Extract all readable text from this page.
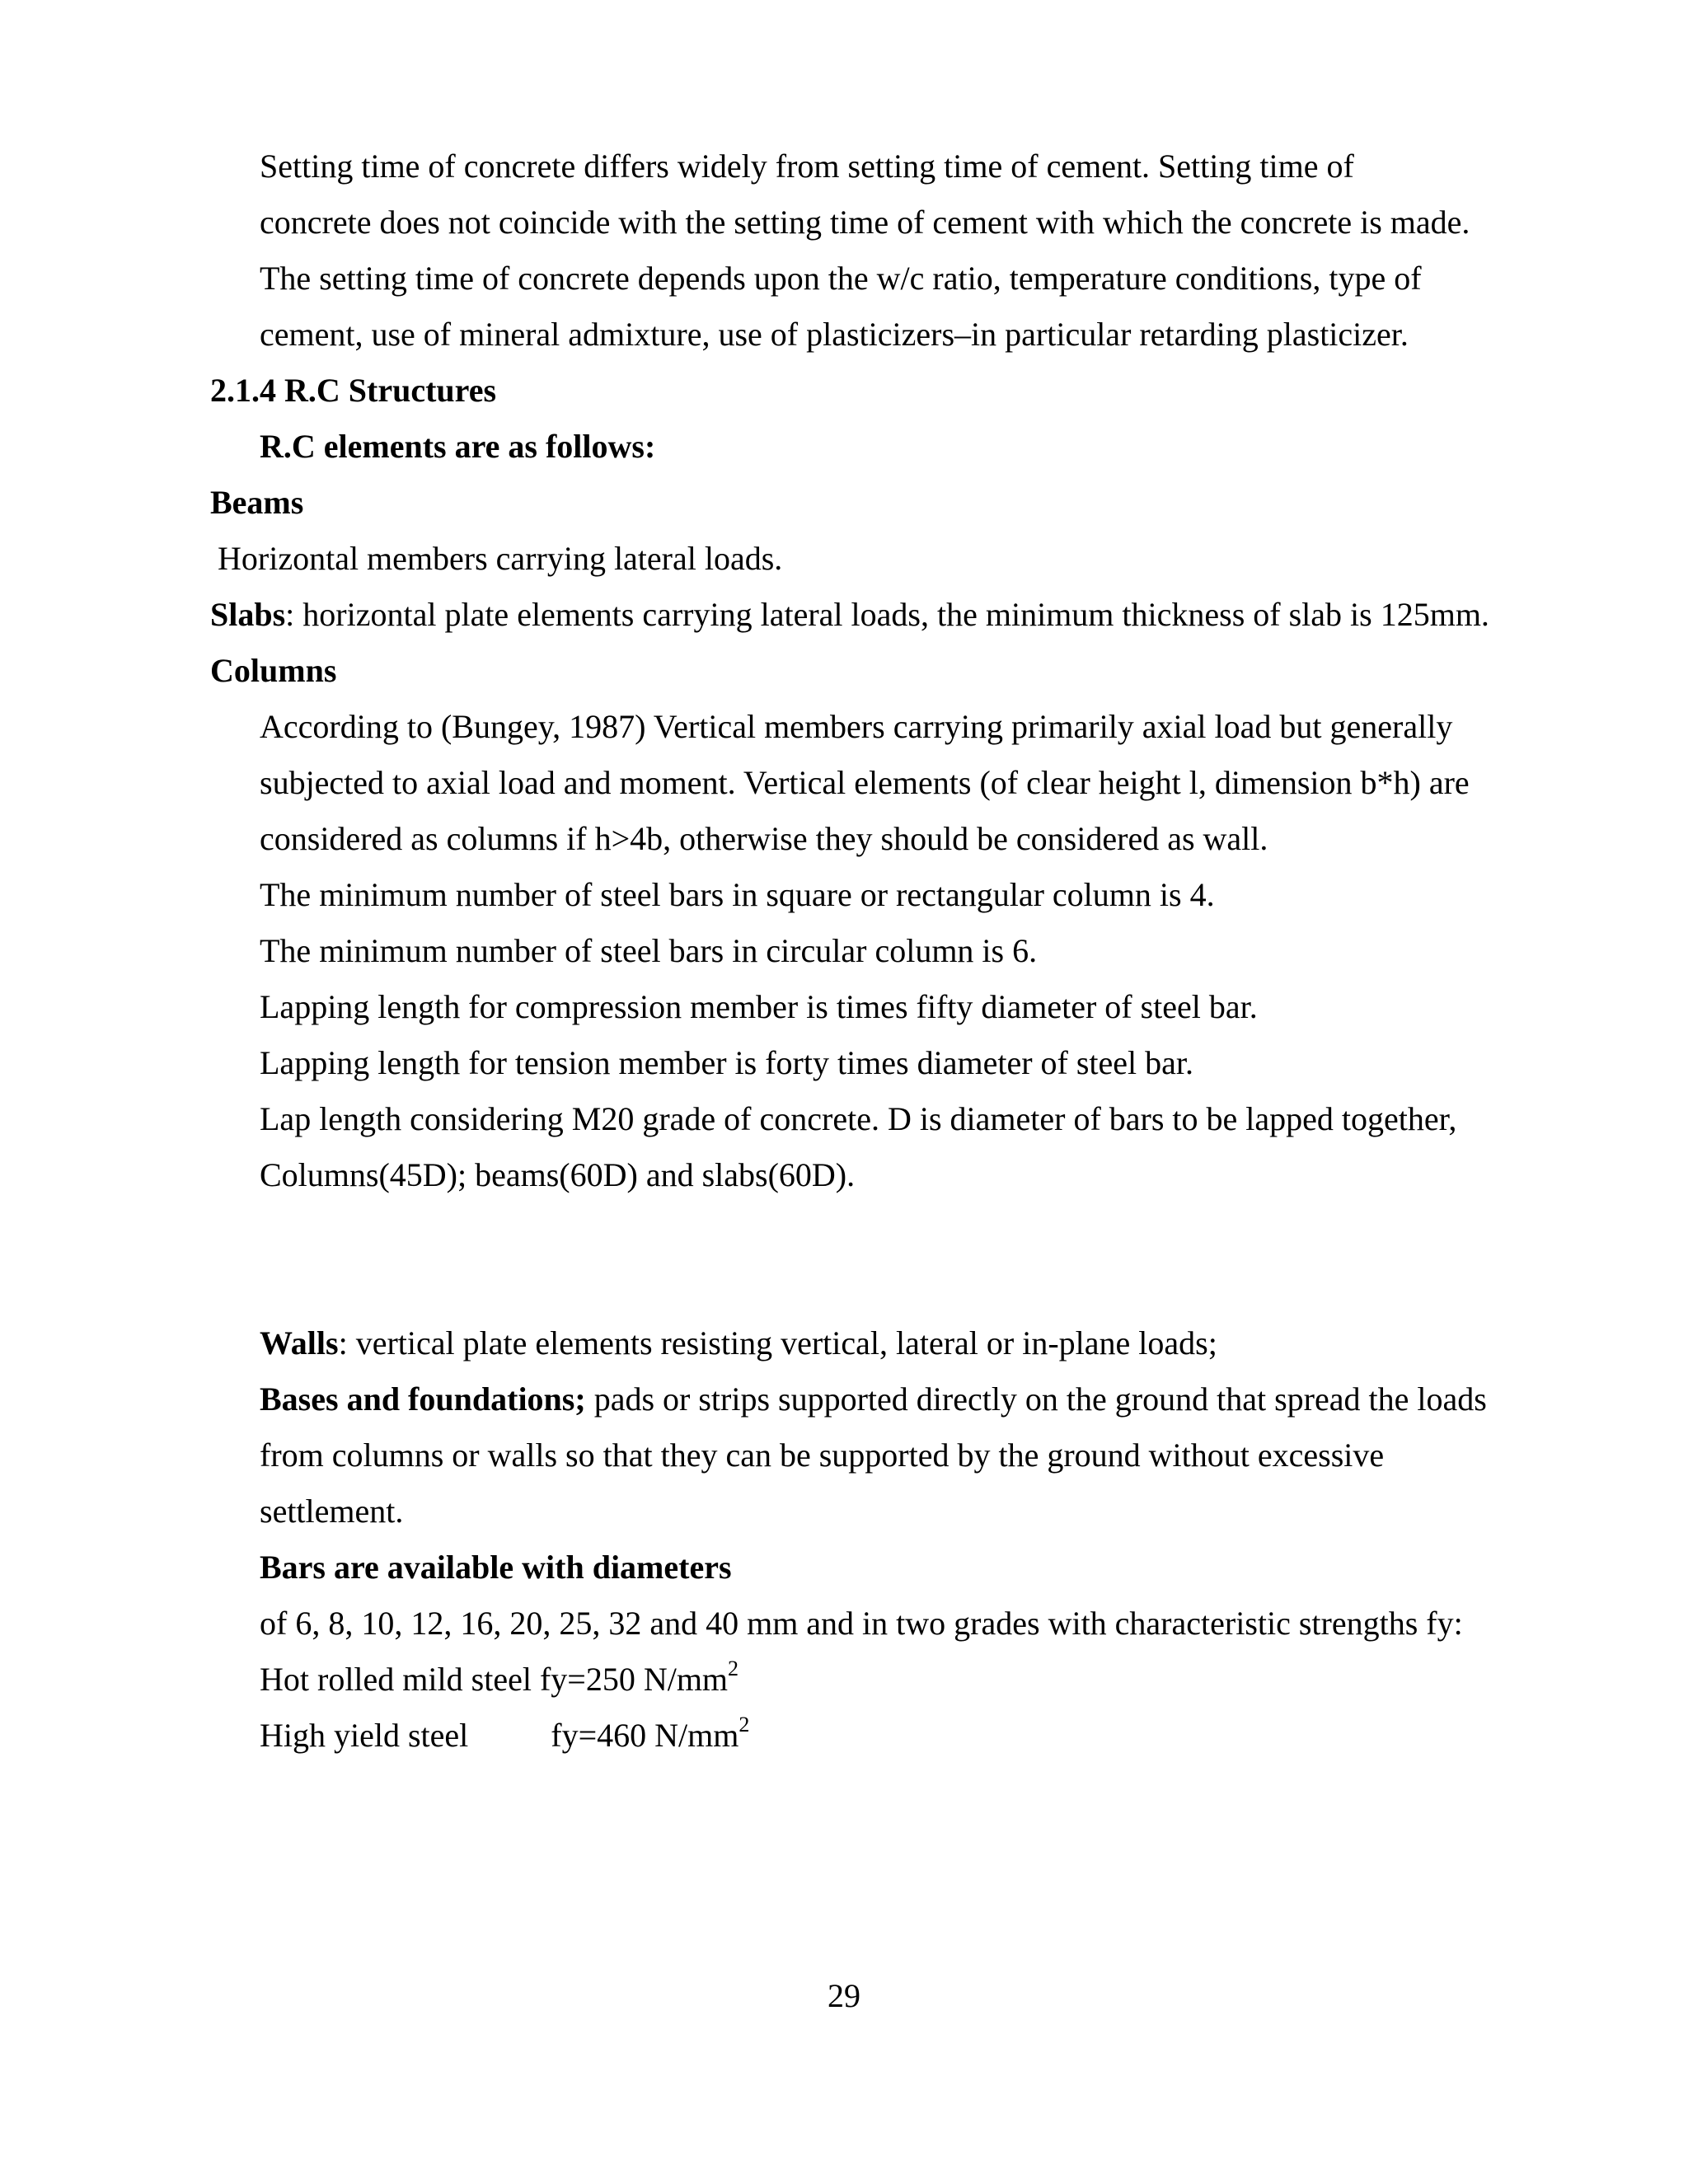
Setting time of concrete differs widely from setting time of cement. Setting time of

concrete does not coincide with the setting time of cement with which the concrete is made.

The setting time of concrete depends upon the w/c ratio, temperature conditions, type of

cement, use of mineral admixture, use of plasticizers–in particular retarding plasticizer.

2.1.4 R.C Structures

R.C elements are as follows:

Beams

Horizontal members carrying lateral loads.

Slabs: horizontal plate elements carrying lateral loads, the minimum thickness of slab is 125mm.

Columns

According to (Bungey, 1987) Vertical members carrying primarily axial load but generally

subjected to axial load and moment. Vertical elements (of clear height l, dimension b*h) are

considered as columns if h>4b, otherwise they should be considered as wall.

The minimum number of steel bars in square or rectangular column is 4.

The minimum number of steel bars in circular column is 6.

Lapping length for compression member is times fifty diameter of steel bar.

Lapping length for tension member is forty times diameter of steel bar.

Lap length considering M20 grade of concrete. D is diameter of bars to be lapped together,

Columns(45D); beams(60D) and slabs(60D).

Walls: vertical plate elements resisting vertical, lateral or in-plane loads;

Bases and foundations; pads or strips supported directly on the ground that spread the loads

from columns or walls so that they can be supported by the ground without excessive

settlement.

Bars are available with diameters

of 6, 8, 10, 12, 16, 20, 25, 32 and 40 mm and in two grades with characteristic strengths fy:

Hot rolled mild steel fy=250 $N/mm^2$

High yield steel	fy=460 $N/mm^2$

29
